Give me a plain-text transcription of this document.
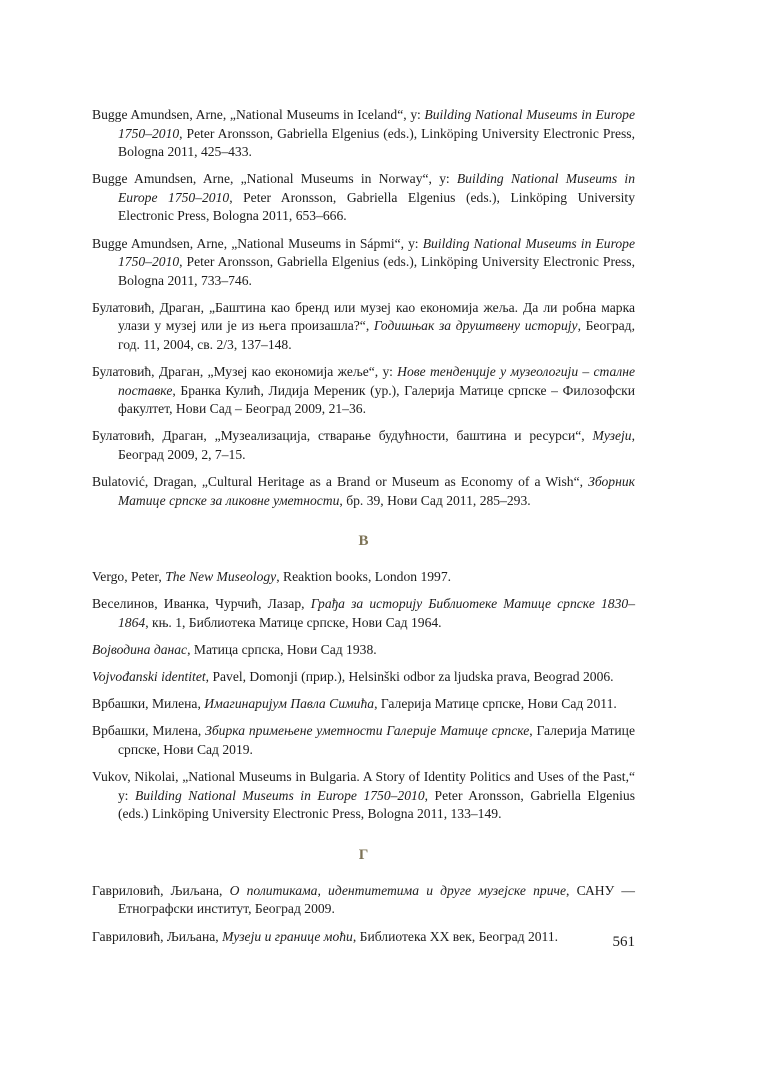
Bugge Amundsen, Arne, „National Museums in Iceland“, у: Building National Museums in Europe 1750–2010, Peter Aronsson, Gabriella Elgenius (eds.), Linköping University Electronic Press, Bologna 2011, 425–433.

Bugge Amundsen, Arne, „National Museums in Norway“, у: Building National Museums in Europe 1750–2010, Peter Aronsson, Gabriella Elgenius (eds.), Linköping University Electronic Press, Bologna 2011, 653–666.

Bugge Amundsen, Arne, „National Museums in Sápmi“, у: Building National Museums in Europe 1750–2010, Peter Aronsson, Gabriella Elgenius (eds.), Linköping University Electronic Press, Bologna 2011, 733–746.

Булатовић, Драган, „Баштина као бренд или музеј као економија жеља. Да ли робна марка улази у музеј или је из њега произашла?“, Годишњак за друштвену историју, Београд, год. 11, 2004, св. 2/3, 137–148.

Булатовић, Драган, „Музеј као економија жеље“, у: Нове тенденције у музеологији – сталне поставке, Бранка Кулић, Лидија Мереник (ур.), Галерија Матице српске – Филозофски факултет, Нови Сад – Београд 2009, 21–36.

Булатовић, Драган, „Музеализација, стварање будућности, баштина и ресурси“, Музеји, Београд 2009, 2, 7–15.

Bulatović, Dragan, „Cultural Heritage as a Brand or Museum as Economy of a Wish“, Зборник Матице српске за ликовне уметности, бр. 39, Нови Сад 2011, 285–293.

В

Vergo, Peter, The New Museology, Reaktion books, London 1997.

Веселинов, Иванка, Чурчић, Лазар, Грађа за историју Библиотеке Матице српске 1830–1864, књ. 1, Библиотека Матице српске, Нови Сад 1964.

Војводина данас, Матица српска, Нови Сад 1938.

Vojvođanski identitet, Pavel, Domonji (прир.), Helsinški odbor za ljudska prava, Beograd 2006.

Врбашки, Милена, Имагинаријум Павла Симића, Галерија Матице српске, Нови Сад 2011.

Врбашки, Милена, Збирка примењене уметности Галерије Матице српске, Галерија Матице српске, Нови Сад 2019.

Vukov, Nikolai, „National Museums in Bulgaria. A Story of Identity Politics and Uses of the Past,“ у: Building National Museums in Europe 1750–2010, Peter Aronsson, Gabriella Elgenius (eds.) Linköping University Electronic Press, Bologna 2011, 133–149.

Г

Гавриловић, Љиљана, О политикама, идентитетима и друге музејске приче, САНУ — Етнографски институт, Београд 2009.

Гавриловић, Љиљана, Музеји и границе моћи, Библиотека XX век, Београд 2011.	561
